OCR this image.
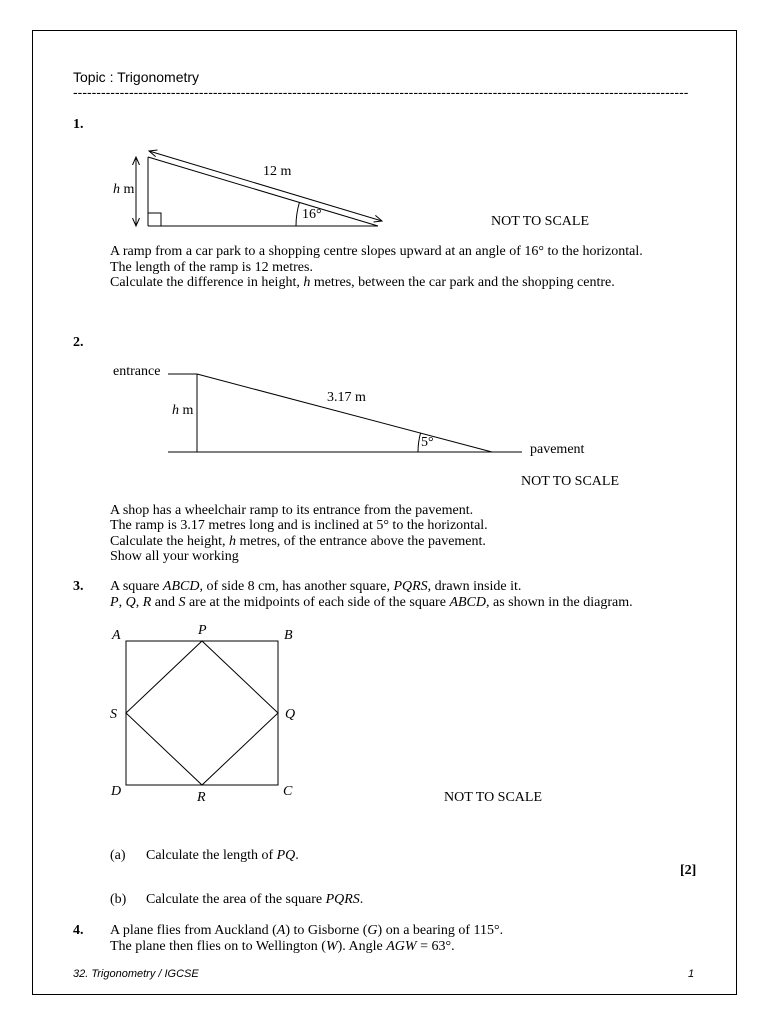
Topic : Trigonometry
------------------------------------------------------------------------------------------------------------------------------------
1.
12 m
h m
16°	NOT TO SCALE
A ramp from a car park to a shopping centre slopes upward at an angle of 16° to the horizontal.
The length of the ramp is 12 metres.
Calculate the difference in height, h metres, between the car park and the shopping centre.
2.
entrance
3.17 m
h m
5°	pavement
NOT TO SCALE
A shop has a wheelchair ramp to its entrance from the pavement.
The ramp is 3.17 metres long and is inclined at 5° to the horizontal.
Calculate the height, h metres, of the entrance above the pavement.
Show all your working
3. A square ABCD, of side 8 cm, has another square, PQRS, drawn inside it.
P, Q, R and S are at the midpoints of each side of the square ABCD, as shown in the diagram.
A	P	B
S	Q
D	R	C	NOT TO SCALE
(a) Calculate the length of PQ.
[2]
(b) Calculate the area of the square PQRS.
4. A plane flies from Auckland (A) to Gisborne (G) on a bearing of 115°.
The plane then flies on to Wellington (W). Angle AGW = 63°.
32. Trigonometry / IGCSE	1
